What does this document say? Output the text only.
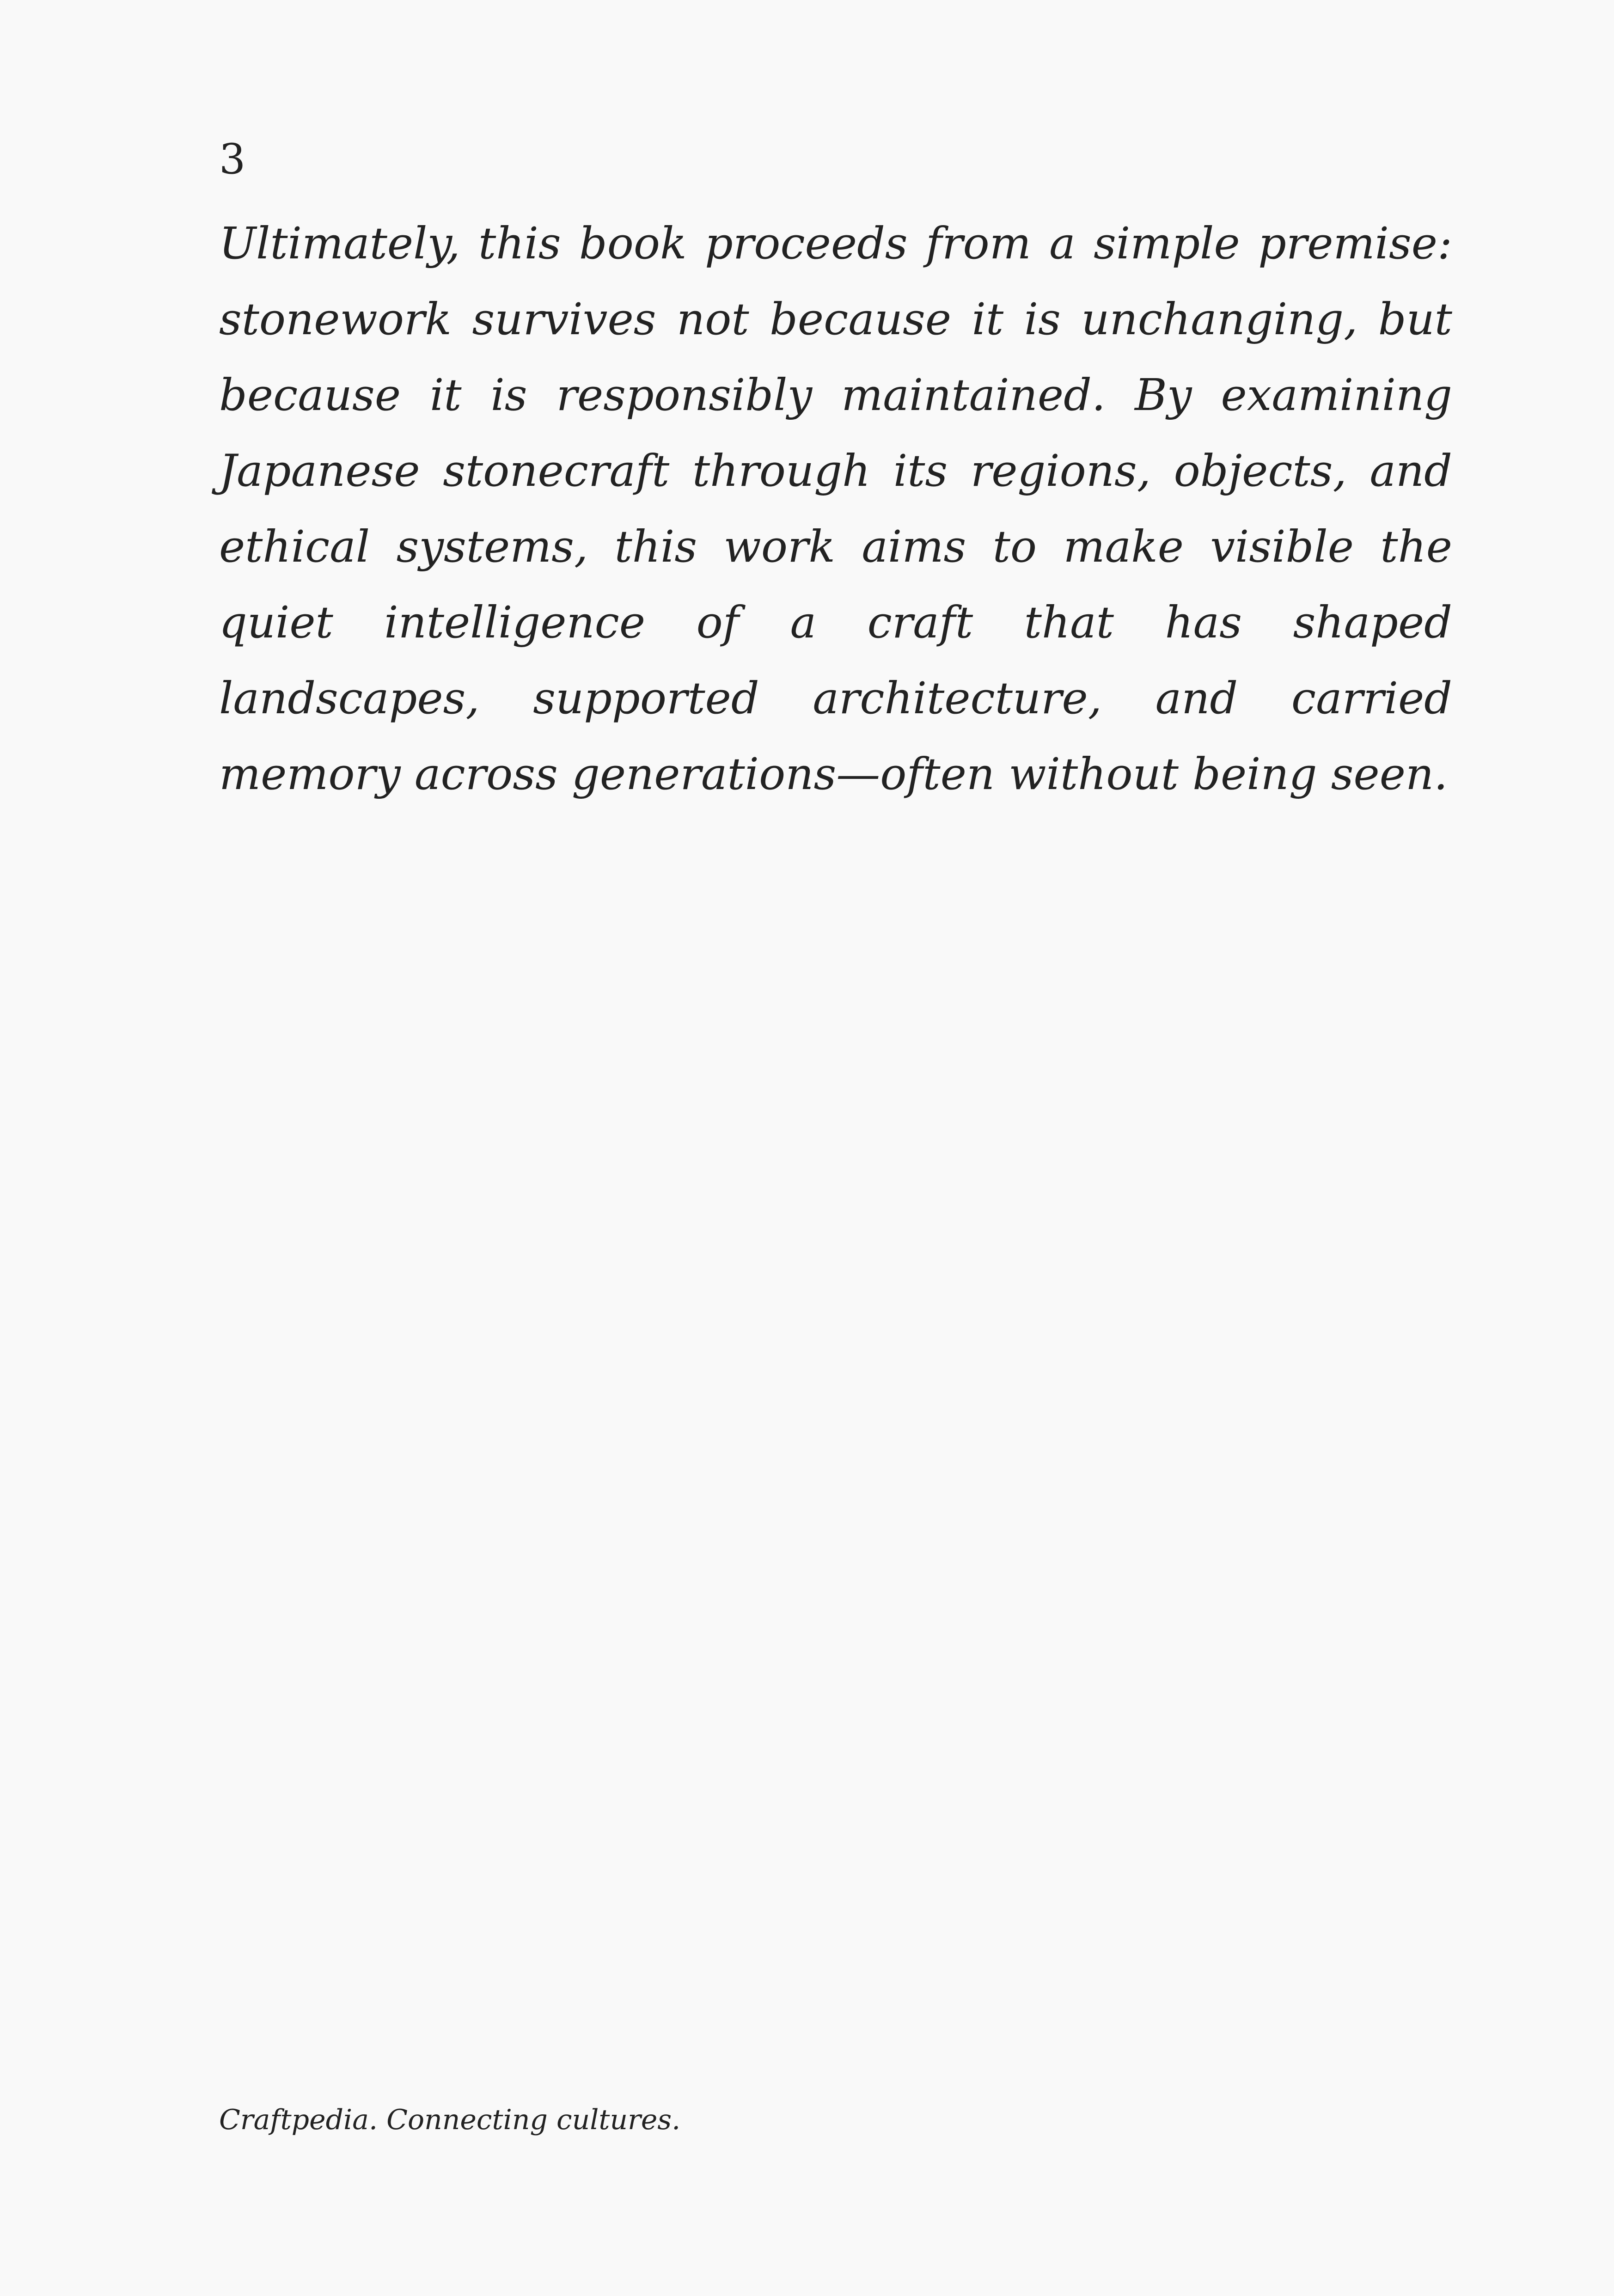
3

Ultimately, this book proceeds from a simple premise: stonework survives not because it is unchanging, but because it is responsibly maintained. By examining Japanese stonecraft through its regions, objects, and ethical systems, this work aims to make visible the quiet intelligence of a craft that has shaped landscapes, supported architecture, and carried memory across generations—often without being seen.

Craftpedia. Connecting cultures.
